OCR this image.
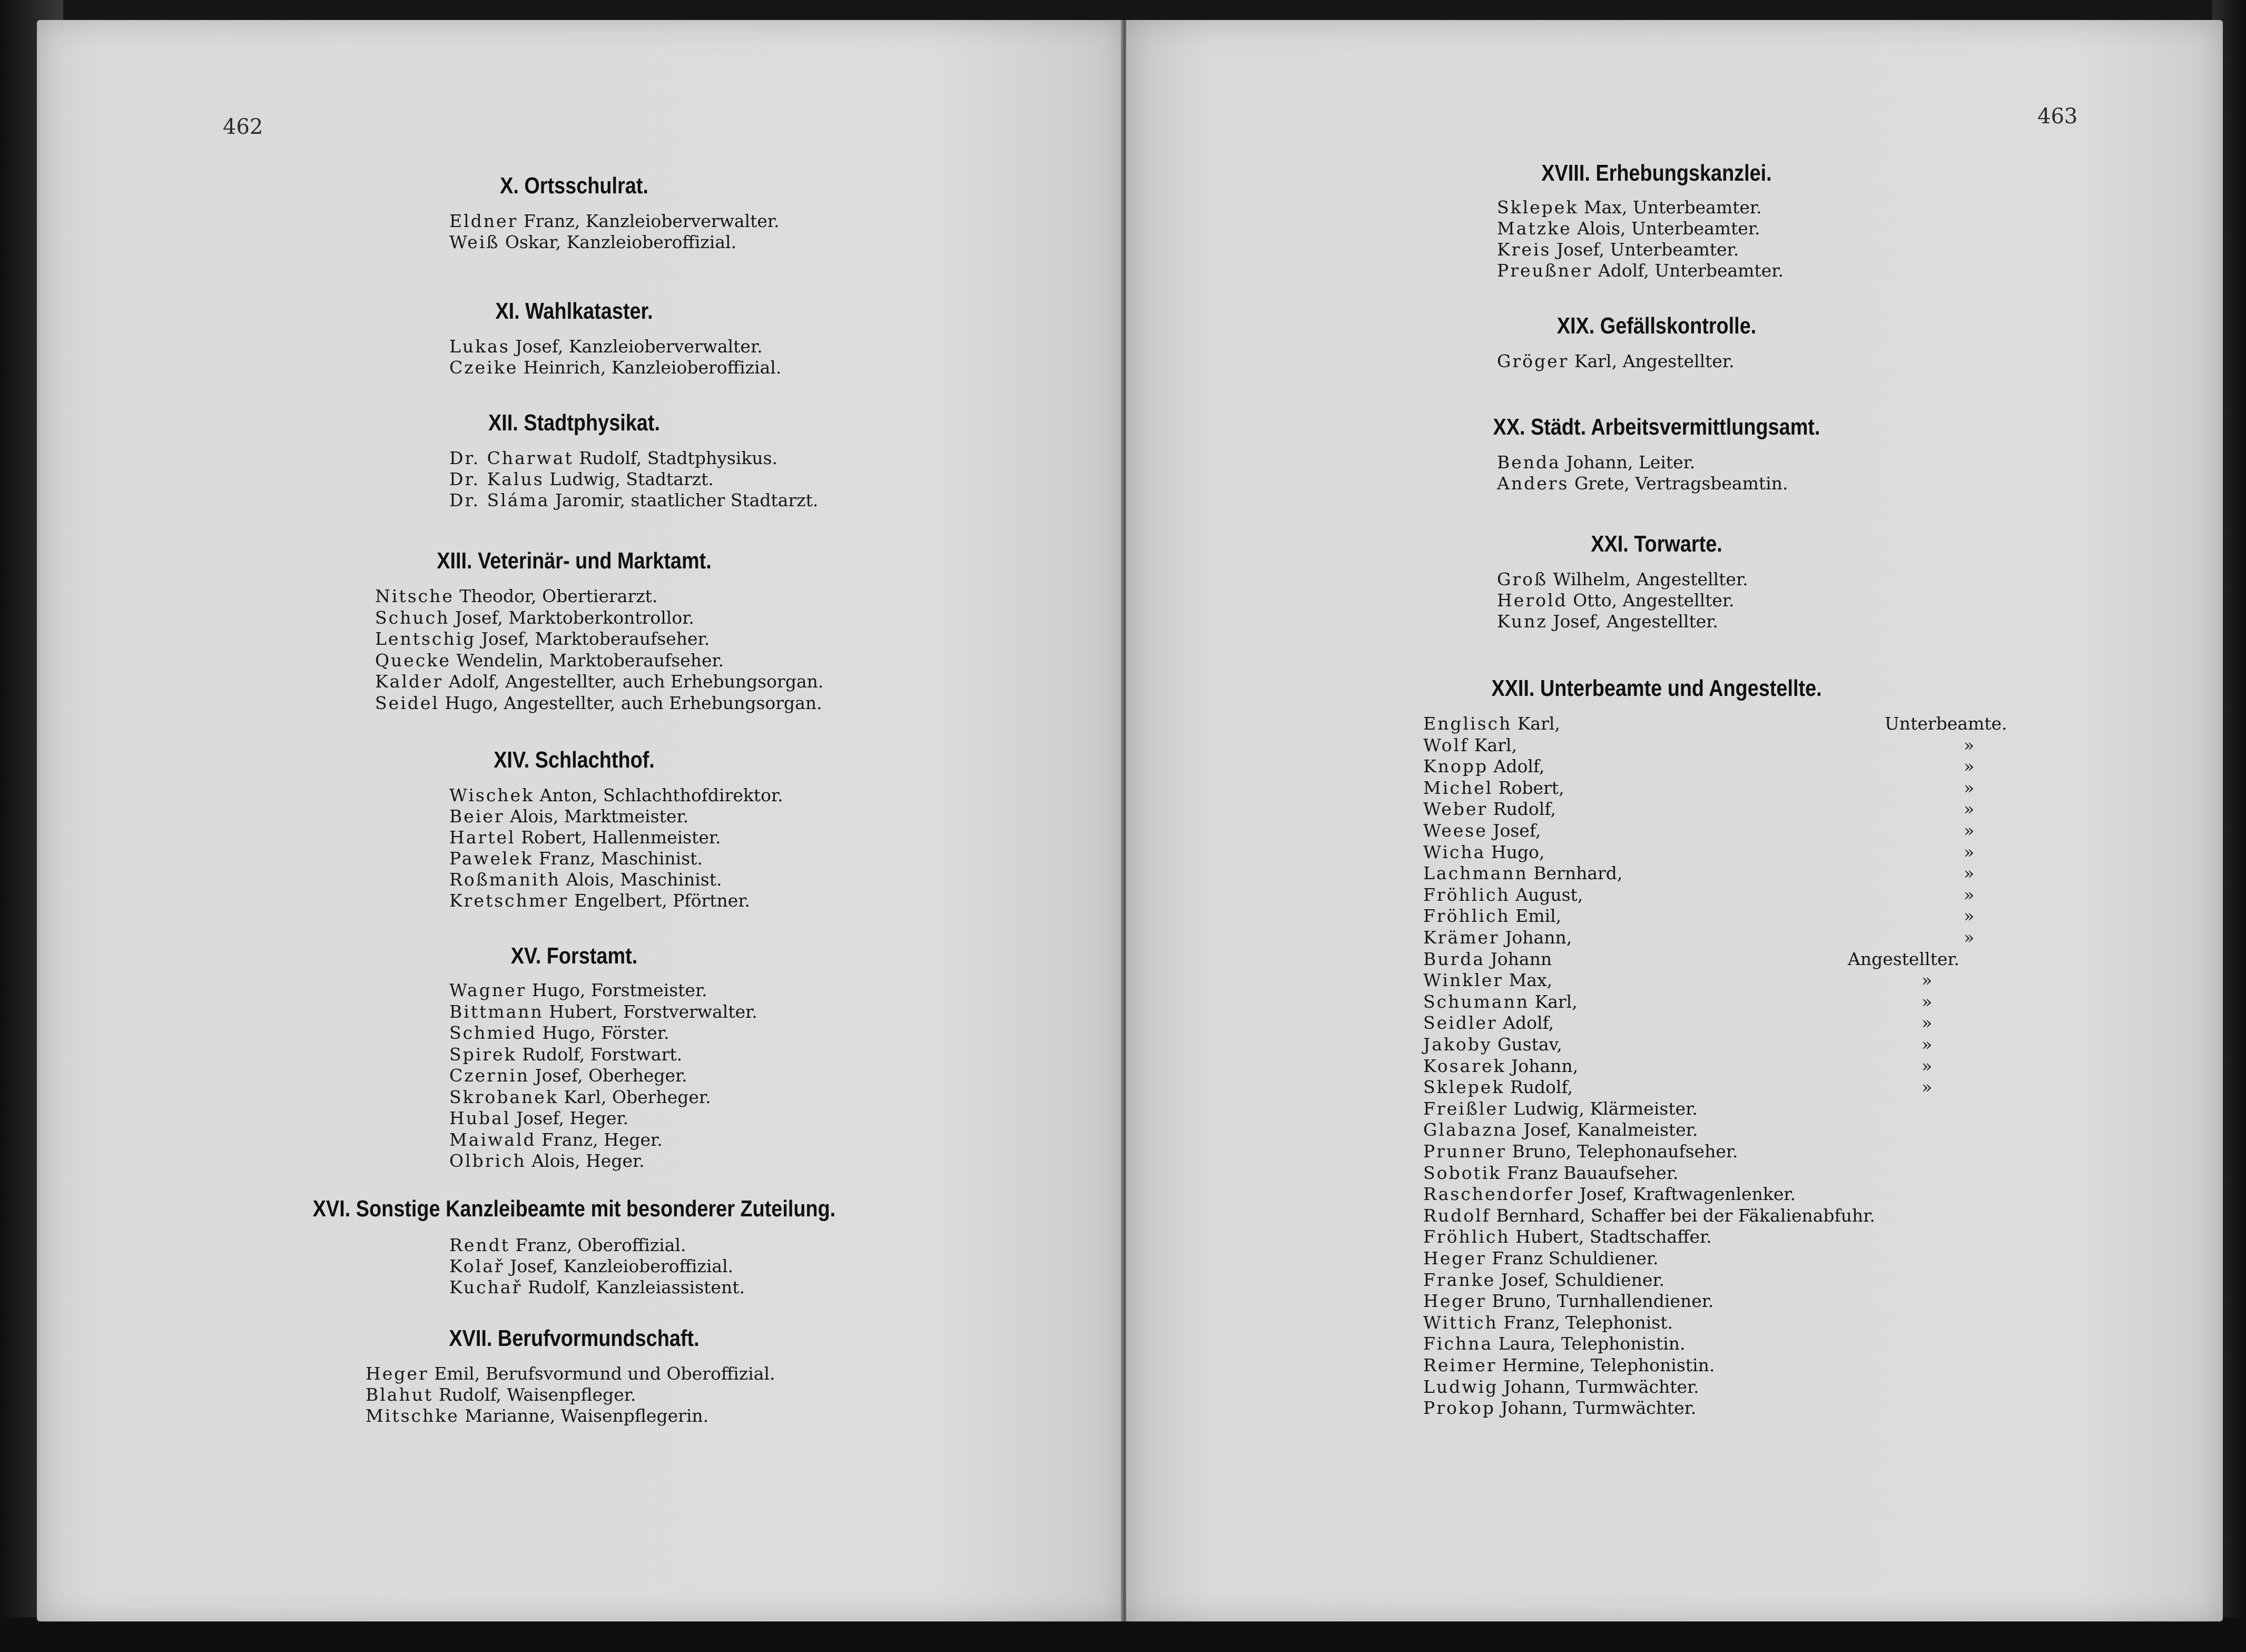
462
X. Ortsschulrat.
Eldner Franz, Kanzleioberverwalter.
Weiß Oskar, Kanzleioberoffizial.
XI. Wahlkataster.
Lukas Josef, Kanzleioberverwalter.
Czeike Heinrich, Kanzleioberoffizial.
XII. Stadtphysikat.
Dr. Charwat Rudolf, Stadtphysikus.
Dr. Kalus Ludwig, Stadtarzt.
Dr. Sláma Jaromir, staatlicher Stadtarzt.
XIII. Veterinär- und Marktamt.
Nitsche Theodor, Obertierarzt.
Schuch Josef, Marktoberkontrollor.
Lentschig Josef, Marktoberaufseher.
Quecke Wendelin, Marktoberaufseher.
Kalder Adolf, Angestellter, auch Erhebungsorgan.
Seidel Hugo, Angestellter, auch Erhebungsorgan.
XIV. Schlachthof.
Wischek Anton, Schlachthofdirektor.
Beier Alois, Marktmeister.
Hartel Robert, Hallenmeister.
Pawelek Franz, Maschinist.
Roßmanith Alois, Maschinist.
Kretschmer Engelbert, Pförtner.
XV. Forstamt.
Wagner Hugo, Forstmeister.
Bittmann Hubert, Forstverwalter.
Schmied Hugo, Förster.
Spirek Rudolf, Forstwart.
Czernin Josef, Oberheger.
Skrobanek Karl, Oberheger.
Hubal Josef, Heger.
Maiwald Franz, Heger.
Olbrich Alois, Heger.
XVI. Sonstige Kanzleibeamte mit besonderer Zuteilung.
Rendt Franz, Oberoffizial.
Kolař Josef, Kanzleioberoffizial.
Kuchař Rudolf, Kanzleiassistent.
XVII. Berufvormundschaft.
Heger Emil, Berufsvormund und Oberoffizial.
Blahut Rudolf, Waisenpfleger.
Mitschke Marianne, Waisenpflegerin.
463
XVIII. Erhebungskanzlei.
Sklepek Max, Unterbeamter.
Matzke Alois, Unterbeamter.
Kreis Josef, Unterbeamter.
Preußner Adolf, Unterbeamter.
XIX. Gefällskontrolle.
Gröger Karl, Angestellter.
XX. Städt. Arbeitsvermittlungsamt.
Benda Johann, Leiter.
Anders Grete, Vertragsbeamtin.
XXI. Torwarte.
Groß Wilhelm, Angestellter.
Herold Otto, Angestellter.
Kunz Josef, Angestellter.
XXII. Unterbeamte und Angestellte.
Englisch Karl,	Unterbeamte.
Wolf Karl,	»
Knopp Adolf,	»
Michel Robert,	»
Weber Rudolf,	»
Weese Josef,	»
Wicha Hugo,	»
Lachmann Bernhard,	»
Fröhlich August,	»
Fröhlich Emil,	»
Krämer Johann,	»
Burda Johann	Angestellter.
Winkler Max,	»
Schumann Karl,	»
Seidler Adolf,	»
Jakoby Gustav,	»
Kosarek Johann,	»
Sklepek Rudolf,	»
Freißler Ludwig, Klärmeister.
Glabazna Josef, Kanalmeister.
Prunner Bruno, Telephonaufseher.
Sobotik Franz Bauaufseher.
Raschendorfer Josef, Kraftwagenlenker.
Rudolf Bernhard, Schaffer bei der Fäkalienabfuhr.
Fröhlich Hubert, Stadtschaffer.
Heger Franz Schuldiener.
Franke Josef, Schuldiener.
Heger Bruno, Turnhallendiener.
Wittich Franz, Telephonist.
Fichna Laura, Telephonistin.
Reimer Hermine, Telephonistin.
Ludwig Johann, Turmwächter.
Prokop Johann, Turmwächter.
